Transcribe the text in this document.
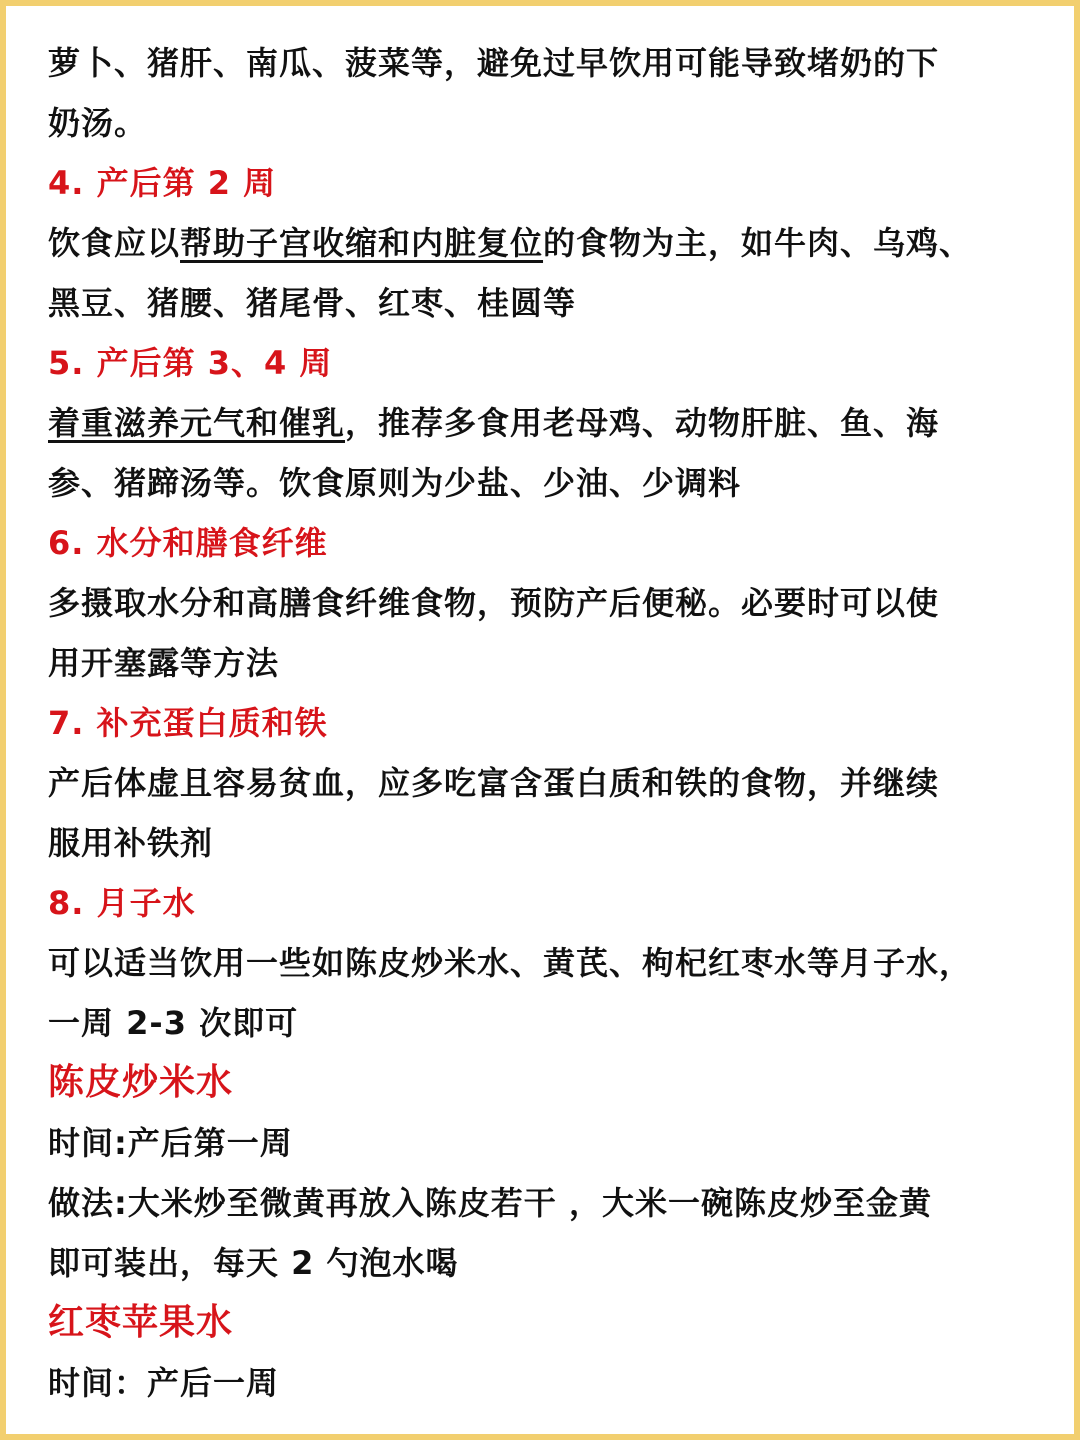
萝卜、猪肝、南瓜、菠菜等，避免过早饮用可能导致堵奶的下
奶汤。
4. 产后第 2 周
饮食应以帮助子宫收缩和内脏复位的食物为主，如牛肉、乌鸡、
黑豆、猪腰、猪尾骨、红枣、桂圆等
5. 产后第 3、4 周
着重滋养元气和催乳，推荐多食用老母鸡、动物肝脏、鱼、海
参、猪蹄汤等。饮食原则为少盐、少油、少调料
6. 水分和膳食纤维
多摄取水分和高膳食纤维食物，预防产后便秘。必要时可以使
用开塞露等方法
7. 补充蛋白质和铁
产后体虚且容易贫血，应多吃富含蛋白质和铁的食物，并继续
服用补铁剂
8. 月子水
可以适当饮用一些如陈皮炒米水、黄芪、枸杞红枣水等月子水，
一周 2-3 次即可
陈皮炒米水
时间:产后第一周
做法:大米炒至微黄再放入陈皮若干 ，大米一碗陈皮炒至金黄
即可装出，每天 2 勺泡水喝
红枣苹果水
时间：产后一周
